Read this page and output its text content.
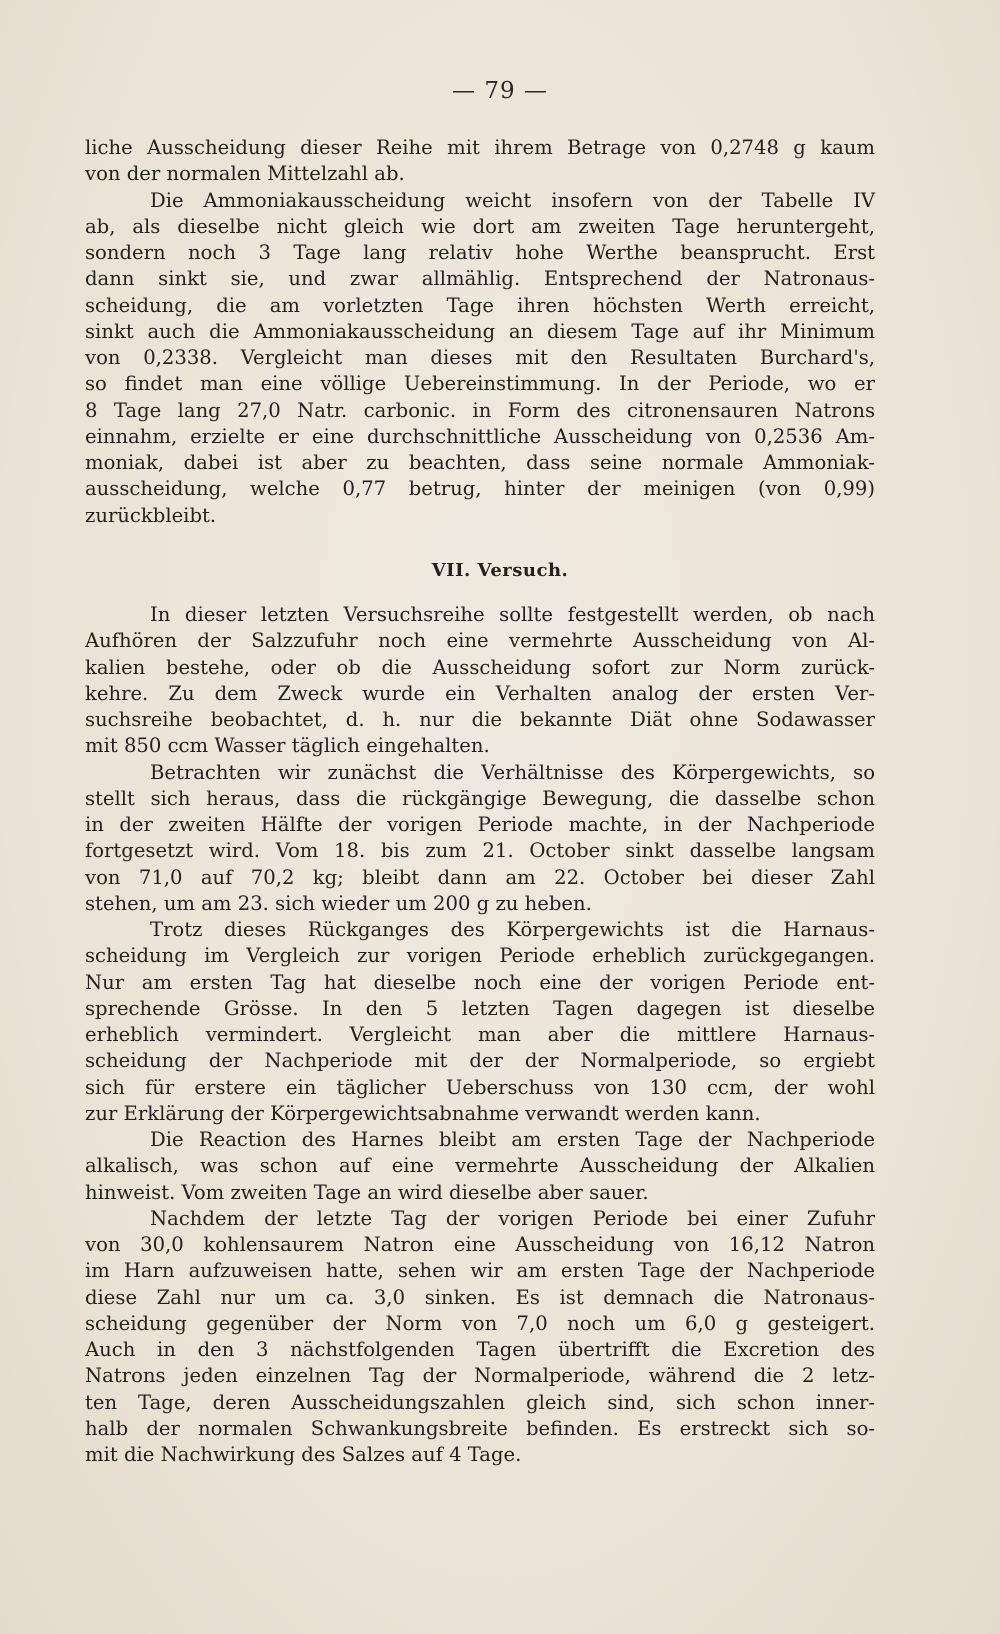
— 79 —
liche Ausscheidung dieser Reihe mit ihrem Betrage von 0,2748 g kaum
von der normalen Mittelzahl ab.
Die Ammoniakausscheidung weicht insofern von der Tabelle IV
ab, als dieselbe nicht gleich wie dort am zweiten Tage heruntergeht,
sondern noch 3 Tage lang relativ hohe Werthe beansprucht. Erst
dann sinkt sie, und zwar allmählig. Entsprechend der Natronaus-
scheidung, die am vorletzten Tage ihren höchsten Werth erreicht,
sinkt auch die Ammoniakausscheidung an diesem Tage auf ihr Minimum
von 0,2338. Vergleicht man dieses mit den Resultaten Burchard's,
so findet man eine völlige Uebereinstimmung. In der Periode, wo er
8 Tage lang 27,0 Natr. carbonic. in Form des citronensauren Natrons
einnahm, erzielte er eine durchschnittliche Ausscheidung von 0,2536 Am-
moniak, dabei ist aber zu beachten, dass seine normale Ammoniak-
ausscheidung, welche 0,77 betrug, hinter der meinigen (von 0,99)
zurückbleibt.
VII. Versuch.
In dieser letzten Versuchsreihe sollte festgestellt werden, ob nach
Aufhören der Salzzufuhr noch eine vermehrte Ausscheidung von Al-
kalien bestehe, oder ob die Ausscheidung sofort zur Norm zurück-
kehre. Zu dem Zweck wurde ein Verhalten analog der ersten Ver-
suchsreihe beobachtet, d. h. nur die bekannte Diät ohne Sodawasser
mit 850 ccm Wasser täglich eingehalten.
Betrachten wir zunächst die Verhältnisse des Körpergewichts, so
stellt sich heraus, dass die rückgängige Bewegung, die dasselbe schon
in der zweiten Hälfte der vorigen Periode machte, in der Nachperiode
fortgesetzt wird. Vom 18. bis zum 21. October sinkt dasselbe langsam
von 71,0 auf 70,2 kg; bleibt dann am 22. October bei dieser Zahl
stehen, um am 23. sich wieder um 200 g zu heben.
Trotz dieses Rückganges des Körpergewichts ist die Harnaus-
scheidung im Vergleich zur vorigen Periode erheblich zurückgegangen.
Nur am ersten Tag hat dieselbe noch eine der vorigen Periode ent-
sprechende Grösse. In den 5 letzten Tagen dagegen ist dieselbe
erheblich vermindert. Vergleicht man aber die mittlere Harnaus-
scheidung der Nachperiode mit der der Normalperiode, so ergiebt
sich für erstere ein täglicher Ueberschuss von 130 ccm, der wohl
zur Erklärung der Körpergewichtsabnahme verwandt werden kann.
Die Reaction des Harnes bleibt am ersten Tage der Nachperiode
alkalisch, was schon auf eine vermehrte Ausscheidung der Alkalien
hinweist. Vom zweiten Tage an wird dieselbe aber sauer.
Nachdem der letzte Tag der vorigen Periode bei einer Zufuhr
von 30,0 kohlensaurem Natron eine Ausscheidung von 16,12 Natron
im Harn aufzuweisen hatte, sehen wir am ersten Tage der Nachperiode
diese Zahl nur um ca. 3,0 sinken. Es ist demnach die Natronaus-
scheidung gegenüber der Norm von 7,0 noch um 6,0 g gesteigert.
Auch in den 3 nächstfolgenden Tagen übertrifft die Excretion des
Natrons jeden einzelnen Tag der Normalperiode, während die 2 letz-
ten Tage, deren Ausscheidungszahlen gleich sind, sich schon inner-
halb der normalen Schwankungsbreite befinden. Es erstreckt sich so-
mit die Nachwirkung des Salzes auf 4 Tage.
